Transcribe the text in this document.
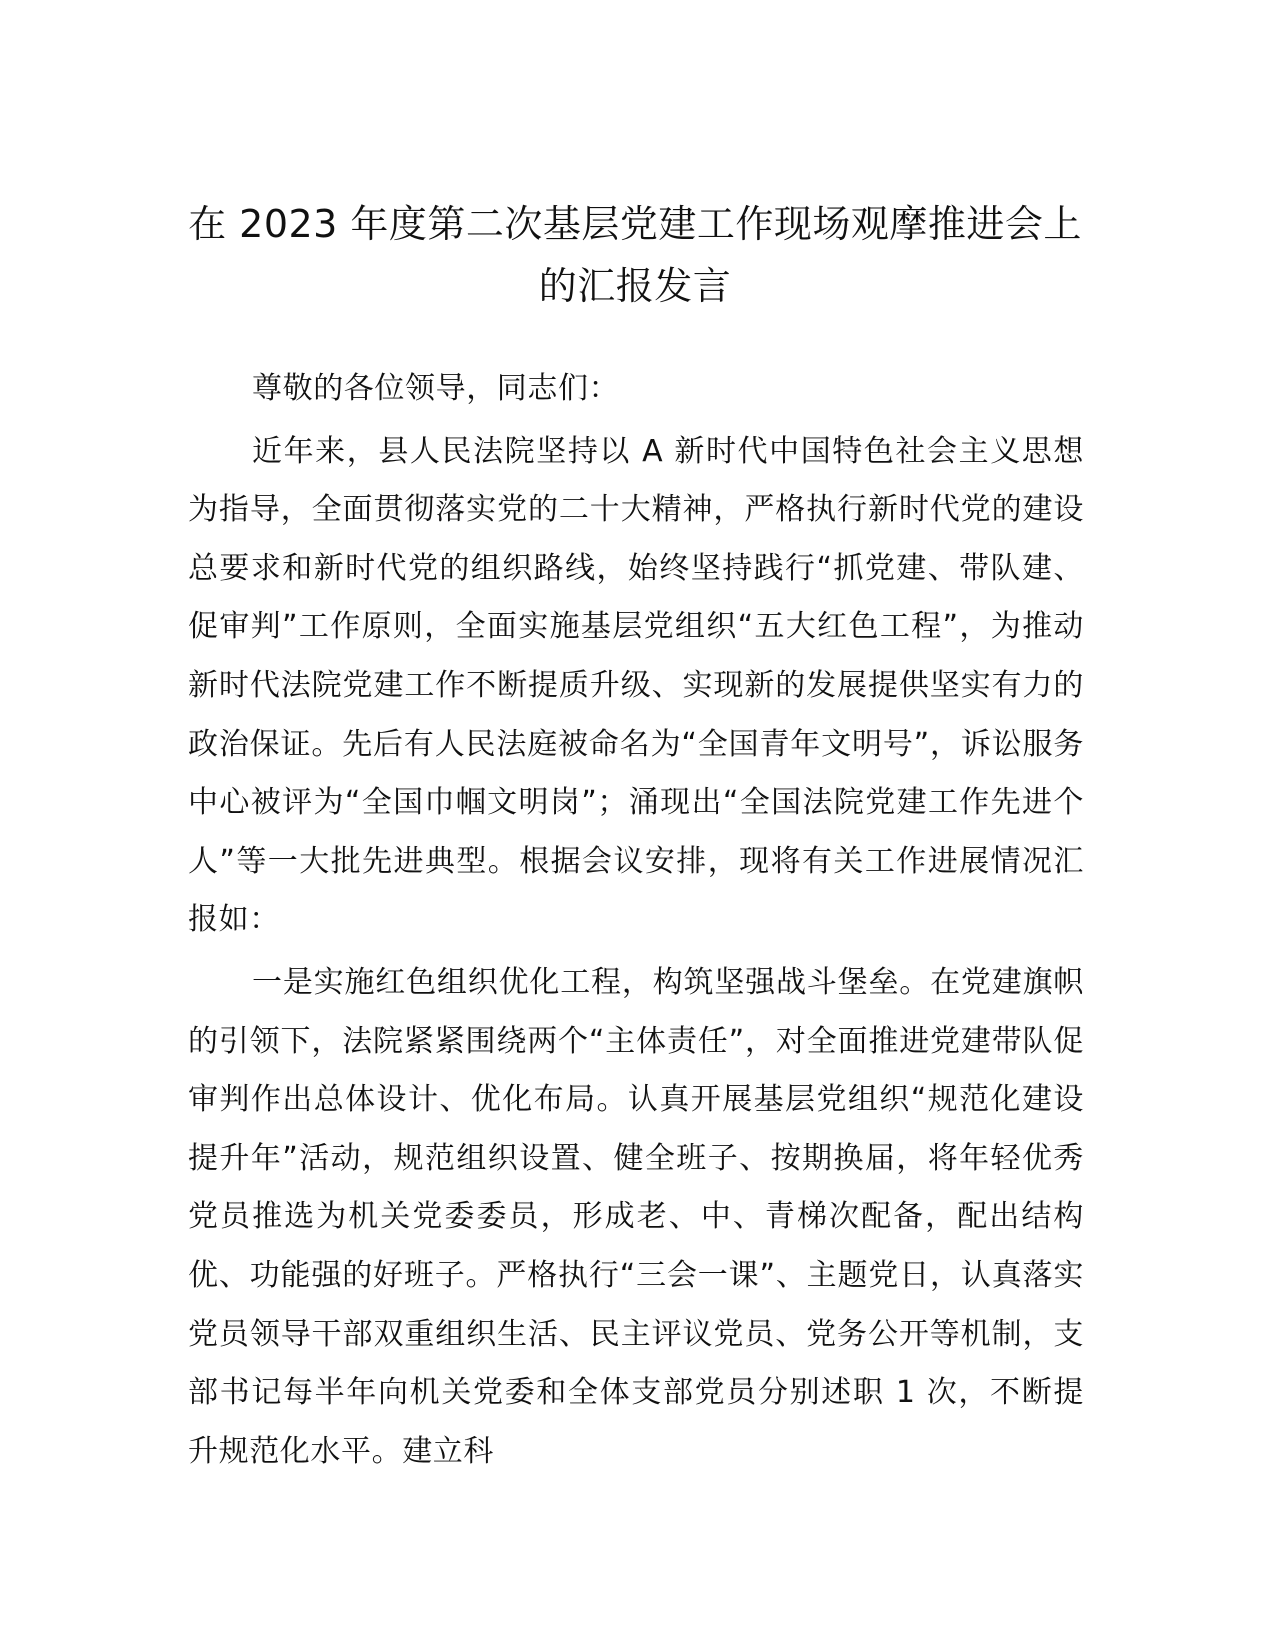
在 2023 年度第二次基层党建工作现场观摩推进会上的汇报发言

尊敬的各位领导，同志们：

近年来，县人民法院坚持以 A 新时代中国特色社会主义思想为指导，全面贯彻落实党的二十大精神，严格执行新时代党的建设总要求和新时代党的组织路线，始终坚持践行“抓党建、带队建、促审判”工作原则，全面实施基层党组织“五大红色工程”，为推动新时代法院党建工作不断提质升级、实现新的发展提供坚实有力的政治保证。先后有人民法庭被命名为“全国青年文明号”，诉讼服务中心被评为“全国巾帼文明岗”；涌现出“全国法院党建工作先进个人”等一大批先进典型。根据会议安排，现将有关工作进展情况汇报如：

一是实施红色组织优化工程，构筑坚强战斗堡垒。在党建旗帜的引领下，法院紧紧围绕两个“主体责任”，对全面推进党建带队促审判作出总体设计、优化布局。认真开展基层党组织“规范化建设提升年”活动，规范组织设置、健全班子、按期换届，将年轻优秀党员推选为机关党委委员，形成老、中、青梯次配备，配出结构优、功能强的好班子。严格执行“三会一课”、主题党日，认真落实党员领导干部双重组织生活、民主评议党员、党务公开等机制，支部书记每半年向机关党委和全体支部党员分别述职 1 次，不断提升规范化水平。建立科
